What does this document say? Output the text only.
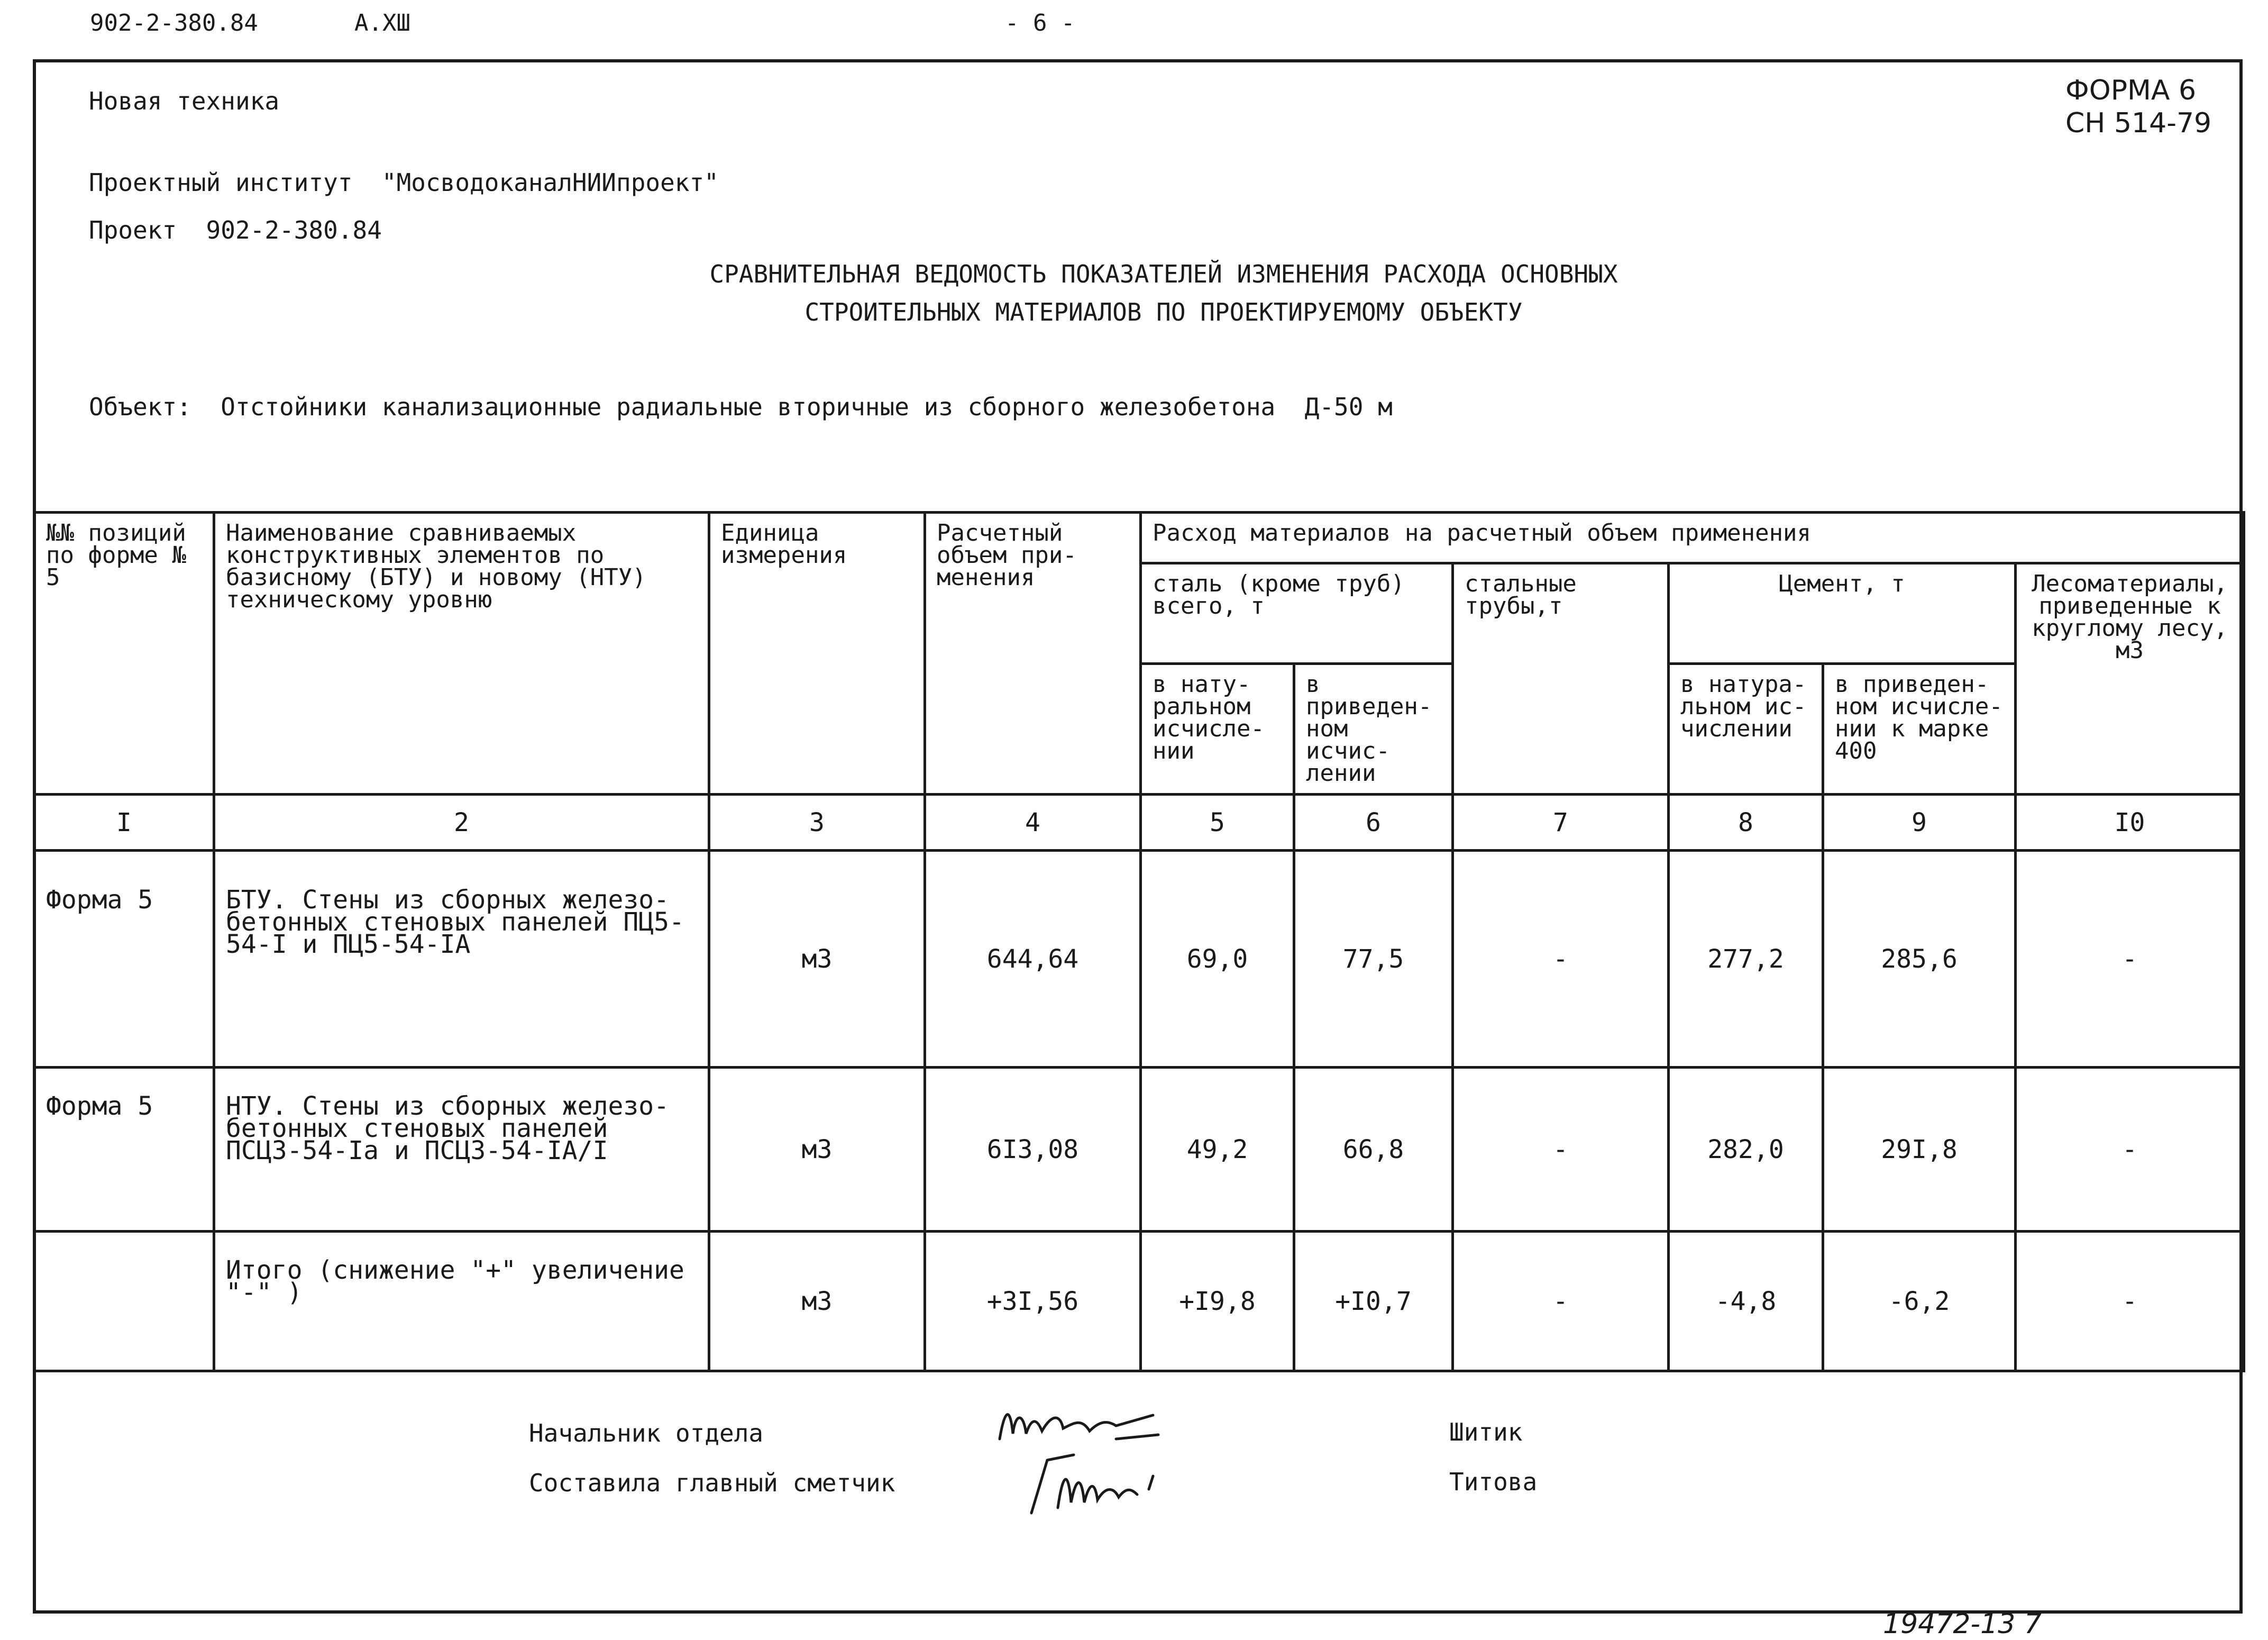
902-2-380.84	А.ХШ	- 6 -
Новая техника	ФОРМА 6
СН 514-79
Проектный институт  "МосводоканалНИИпроект"
Проект  902-2-380.84
СРАВНИТЕЛЬНАЯ ВЕДОМОСТЬ ПОКАЗАТЕЛЕЙ ИЗМЕНЕНИЯ РАСХОДА ОСНОВНЫХ
СТРОИТЕЛЬНЫХ МАТЕРИАЛОВ ПО ПРОЕКТИРУЕМОМУ ОБЪЕКТУ
Объект:  Отстойники канализационные радиальные вторичные из сборного железобетона  Д-50 м
№№ позиций по форме № 5	Наименование сравниваемых конструктивных элементов по базисному (БТУ) и новому (НТУ) техническому уровню	Единица измерения	Расчетный объем при-менения	Расход материалов на расчетный объем применения					
				сталь (кроме труб) всего, т		стальные трубы,т	Цемент, т		Лесоматериалы, приведенные к круглому лесу, м3
				в нату-ральном исчисле-нии	в приведен-ном исчис-лении		в натура-льном ис-числении	в приведен-ном исчисле-нии к марке 400	
I	2	3	4	5	6	7	8	9	I0
Форма 5	БТУ. Стены из сборных железо-бетонных стеновых панелей ПЦ5-54-I и ПЦ5-54-IА	м3	644,64	69,0	77,5	-	277,2	285,6	-
Форма 5	НТУ. Стены из сборных железо-бетонных стеновых панелей ПСЦ3-54-Iа и ПСЦ3-54-IА/I	м3	6I3,08	49,2	66,8	-	282,0	29I,8	-
	Итого (снижение "+" увеличение "-" )	м3	+3I,56	+I9,8	+I0,7	-	-4,8	-6,2	-
Начальник отдела	Шитик
Составила главный сметчик	Титова
19472-13 7
